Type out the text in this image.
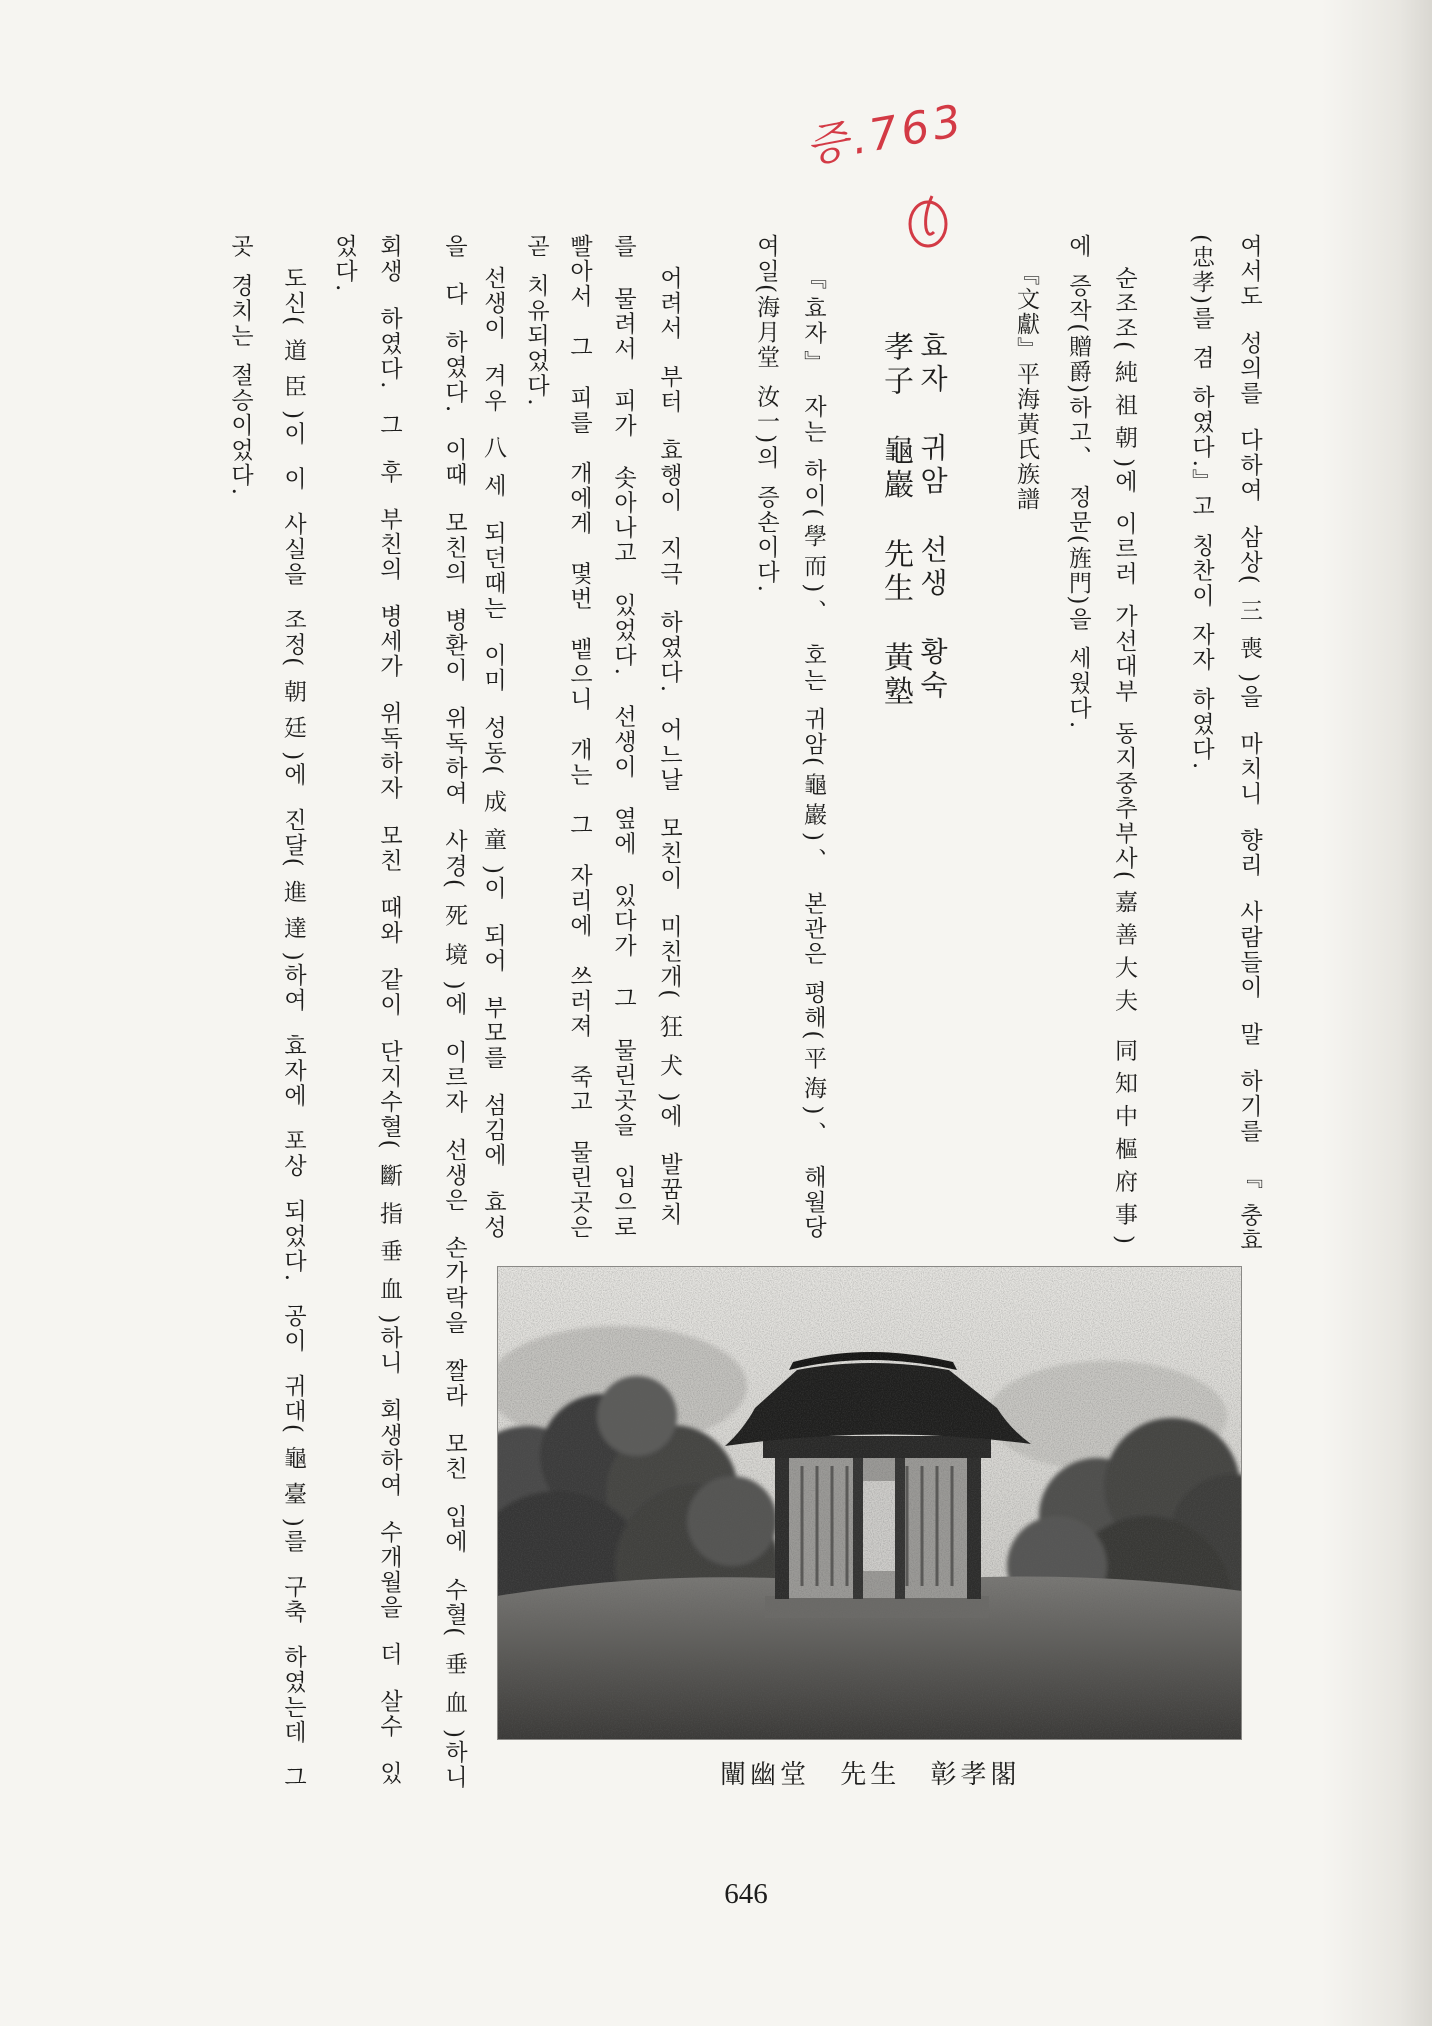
증.763
여서도 성의를 다하여 삼상(三喪)을 마치니 향리 사람들이 말 하기를 『충효
(忠孝)를 겸 하였다.』고 칭찬이 자자 하였다.
순조조(純祖朝)에 이르러 가선대부 동지중추부사(嘉善大夫 同知中樞府事)
에 증작(贈爵)하고、 정문(旌門)을 세웠다.
『文獻』平海黃氏族譜
효자 귀암 선생 황숙
孝子 龜巖 先生 黃塾
『효자』 자는 하이(學而)、 호는 귀암(龜巖)、 본관은 평해(平海)、 해월당
여일(海月堂 汝一)의 증손이다.
어려서 부터 효행이 지극 하였다. 어느날 모친이 미친개(狂犬)에 발꿈치
를 물려서 피가 솟아나고 있었다. 선생이 옆에 있다가 그 물린곳을 입으로
빨아서 그 피를 개에게 몇번 뱉으니 개는 그 자리에 쓰러져 죽고 물린곳은
곧 치유되었다.
선생이 겨우 八세 되던때는 이미 성동(成童)이 되어 부모를 섬김에 효성
을 다 하였다. 이때 모친의 병환이 위독하여 사경(死境)에 이르자 선생은 손가락을 짤라 모친 입에 수혈(垂血)하니
회생 하였다. 그 후 부친의 병세가 위독하자 모친 때와 같이 단지수혈(斷指垂血)하니 회생하여 수개월을 더 살수 있
었다.
도신(道臣)이 이 사실을 조정(朝廷)에 진달(進達)하여 효자에 포상 되었다. 공이 귀대(龜臺)를 구축 하였는데 그
곳 경치는 절승이었다.
闡幽堂 先生 彰孝閣
646
